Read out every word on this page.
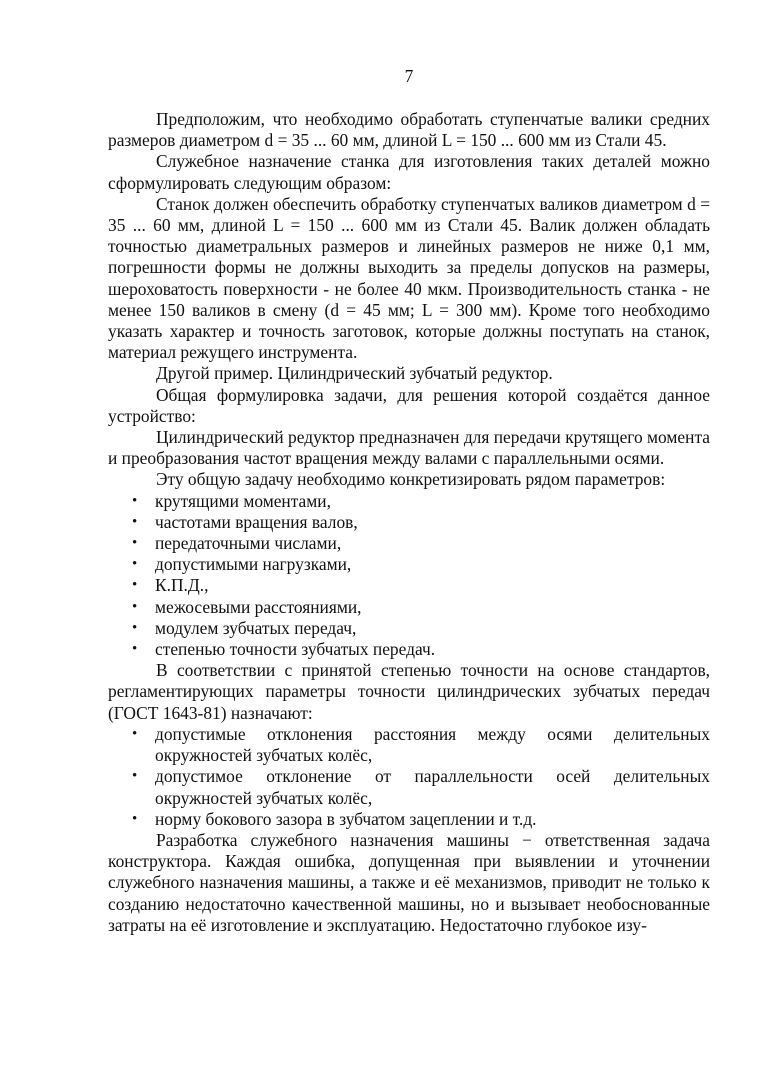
7

Предположим, что необходимо обработать ступенчатые валики средних размеров диаметром d = 35 ... 60 мм, длиной L = 150 ... 600 мм из Стали 45.

Служебное назначение станка для изготовления таких деталей можно сформулировать следующим образом:

Станок должен обеспечить обработку ступенчатых валиков диаметром d = 35 ... 60 мм, длиной L = 150 ... 600 мм из Стали 45. Валик должен обладать точностью диаметральных размеров и линейных размеров не ниже 0,1 мм, погрешности формы не должны выходить за пределы допусков на размеры, шероховатость поверхности - не более 40 мкм. Производительность станка - не менее 150 валиков в смену (d = 45 мм; L = 300 мм). Кроме того необходимо указать характер и точность заготовок, которые должны поступать на станок, материал режущего инструмента.

Другой пример. Цилиндрический зубчатый редуктор.

Общая формулировка задачи, для решения которой создаётся данное устройство:

Цилиндрический редуктор предназначен для передачи крутящего момента и преобразования частот вращения между валами с параллельными осями.

Эту общую задачу необходимо конкретизировать рядом параметров:

• крутящими моментами,
• частотами вращения валов,
• передаточными числами,
• допустимыми нагрузками,
• К.П.Д.,
• межосевыми расстояниями,
• модулем зубчатых передач,
• степенью точности зубчатых передач.

В соответствии с принятой степенью точности на основе стандартов, регламентирующих параметры точности цилиндрических зубчатых передач (ГОСТ 1643-81) назначают:

• допустимые отклонения расстояния между осями делительных окружностей зубчатых колёс,
• допустимое отклонение от параллельности осей делительных окружностей зубчатых колёс,
• норму бокового зазора в зубчатом зацеплении и т.д.

Разработка служебного назначения машины − ответственная задача конструктора. Каждая ошибка, допущенная при выявлении и уточнении служебного назначения машины, а также и её механизмов, приводит не только к созданию недостаточно качественной машины, но и вызывает необоснованные затраты на её изготовление и эксплуатацию. Недостаточно глубокое изу-
